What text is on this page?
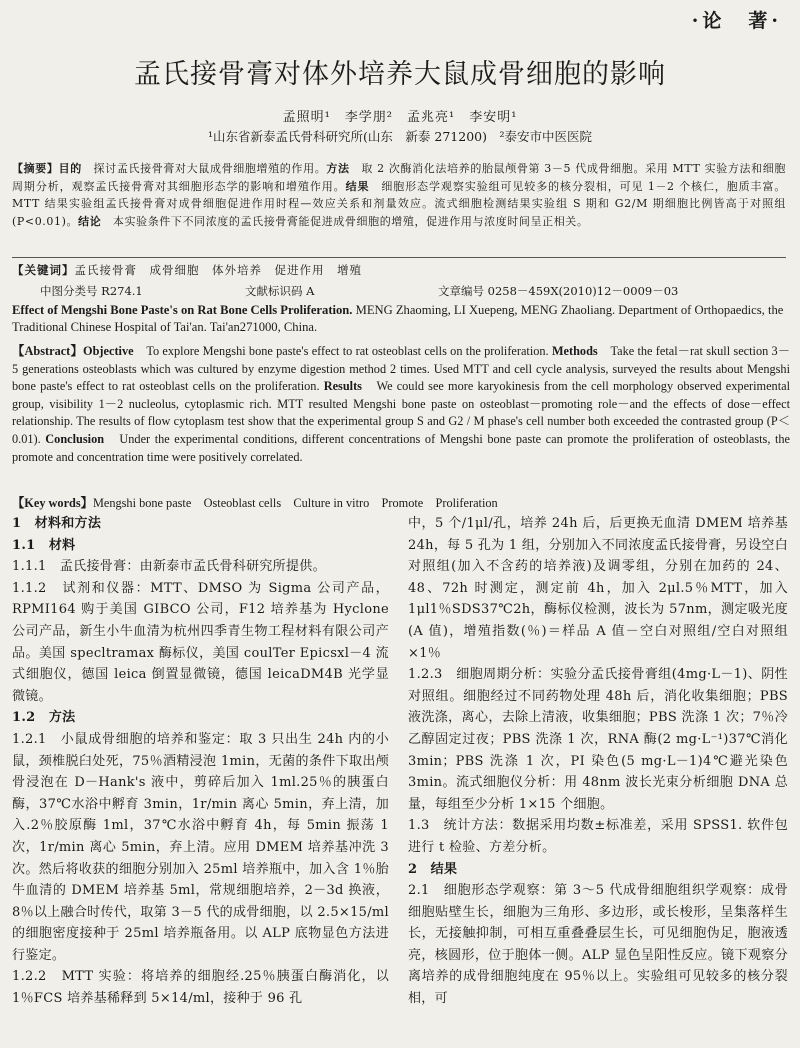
·论　著·
孟氏接骨膏对体外培养大鼠成骨细胞的影响
孟照明¹　李学朋²　孟兆亮¹　李安明¹
¹山东省新泰孟氏骨科研究所(山东　新泰 271200)　²泰安市中医医院
【摘要】目的　 探讨孟氏接骨膏对大鼠成骨细胞增殖的作用。方法　 取 2 次酶消化法培养的胎鼠颅骨第 3－5 代成骨细胞。采用 MTT 实验方法和细胞周期分析，观察孟氏接骨膏对其细胞形态学的影响和增殖作用。结果　 细胞形态学观察实验组可见较多的核分裂相，可见 1－2 个核仁，胞质丰富。MTT 结果实验组孟氏接骨膏对成骨细胞促进作用时程—效应关系和剂量效应。流式细胞检测结果实验组 S 期和 G2/M 期细胞比例皆高于对照组(P<0.01)。结论　 本实验条件下不同浓度的孟氏接骨膏能促进成骨细胞的增殖，促进作用与浓度时间呈正相关。
【关键词】孟氏接骨膏　成骨细胞　体外培养　促进作用　增殖
中图分类号 R274.1	文献标识码 A	文章编号 0258－459X(2010)12－0009－03
Effect of Mengshi Bone Paste's on Rat Bone Cells Proliferation. MENG Zhaoming, LI Xuepeng, MENG Zhaoliang. Department of Orthopaedics, the Traditional Chinese Hospital of Tai'an. Tai'an271000, China.
【Abstract】Objective　 To explore Mengshi bone paste's effect to rat osteoblast cells on the proliferation. Methods　 Take the fetal－rat skull section 3－5 generations osteoblasts which was cultured by enzyme digestion method 2 times. Used MTT and cell cycle analysis, surveyed the results about Mengshi bone paste's effect to rat osteoblast cells on the proliferation. Results　 We could see more karyokinesis from the cell morphology observed experimental group, visibility 1－2 nucleolus, cytoplasmic rich. MTT resulted Mengshi bone paste on osteoblast－promoting role－and the effects of dose－effect relationship. The results of flow cytoplasm test show that the experimental group S and G2 / M phase's cell number both exceeded the contrasted group (P＜0.01). Conclusion　 Under the experimental conditions, different concentrations of Mengshi bone paste can promote the proliferation of osteoblasts, the promote and concentration time were positively correlated.
【Key words】Mengshi bone paste　Osteoblast cells　Culture in vitro　Promote　Proliferation

1　材料和方法

1.1　材料

1.1.1　孟氏接骨膏：由新泰市孟氏骨科研究所提供。

1.1.2　试剂和仪器：MTT、DMSO 为 Sigma 公司产品，RPMI164 购于美国 GIBCO 公司，F12 培养基为 Hyclone 公司产品，新生小牛血清为杭州四季青生物工程材料有限公司产品。美国 specltramax 酶标仪，美国 coulTer Epicsxl－4 流式细胞仪，德国 leica 倒置显微镜，德国 leicaDM4B 光学显微镜。

1.2　方法

1.2.1　小鼠成骨细胞的培养和鉴定：取 3 只出生 24h 内的小鼠，颈椎脱臼处死，75％酒精浸泡 1min，无菌的条件下取出颅骨浸泡在 D－Hank's 液中，剪碎后加入 1ml.25％的胰蛋白酶，37℃水浴中孵育 3min，1r/min 离心 5min，弃上清，加入.2％胶原酶 1ml，37℃水浴中孵育 4h，每 5min 振荡 1 次，1r/min 离心 5min，弃上清。应用 DMEM 培养基冲洗 3 次。然后将收获的细胞分别加入 25ml 培养瓶中，加入含 1％胎牛血清的 DMEM 培养基 5ml，常规细胞培养，2－3d 换液，8％以上融合时传代，取第 3－5 代的成骨细胞，以 2.5×15/ml 的细胞密度接种于 25ml 培养瓶备用。以 ALP 底物显色方法进行鉴定。

1.2.2　MTT 实验：将培养的细胞经.25％胰蛋白酶消化，以 1％FCS 培养基稀释到 5×14/ml，接种于 96 孔

中，5 个/1μl/孔，培养 24h 后，后更换无血清 DMEM 培养基 24h，每 5 孔为 1 组，分别加入不同浓度孟氏接骨膏，另设空白对照组(加入不含药的培养液)及调零组，分别在加药的 24、48、72h 时测定，测定前 4h，加入 2μl.5％MTT，加入 1μl1％SDS37℃2h，酶标仪检测，波长为 57nm，测定吸光度(A 值)，增殖指数(％)＝样品 A 值－空白对照组/空白对照组×1％

1.2.3　细胞周期分析：实验分孟氏接骨膏组(4mg·L－1)、阴性对照组。细胞经过不同药物处理 48h 后，消化收集细胞；PBS 液洗涤，离心，去除上清液，收集细胞；PBS 洗涤 1 次；7％冷乙醇固定过夜；PBS 洗涤 1 次，RNA 酶(2 mg·L⁻¹)37℃消化 3min；PBS 洗涤 1 次，PI 染色(5 mg·L－1)4℃避光染色 3min。流式细胞仪分析：用 48nm 波长光束分析细胞 DNA 总量，每组至少分析 1×15 个细胞。

1.3　统计方法：数据采用均数±标准差，采用 SPSS1. 软件包进行 t 检验、方差分析。

2　结果

2.1　细胞形态学观察：第 3～5 代成骨细胞组织学观察：成骨细胞贴壁生长，细胞为三角形、多边形，或长梭形，呈集落样生长，无接触抑制，可相互重叠叠层生长，可见细胞伪足，胞液透亮，核圆形，位于胞体一侧。ALP 显色呈阳性反应。镜下观察分离培养的成骨细胞纯度在 95％以上。实验组可见较多的核分裂相，可
